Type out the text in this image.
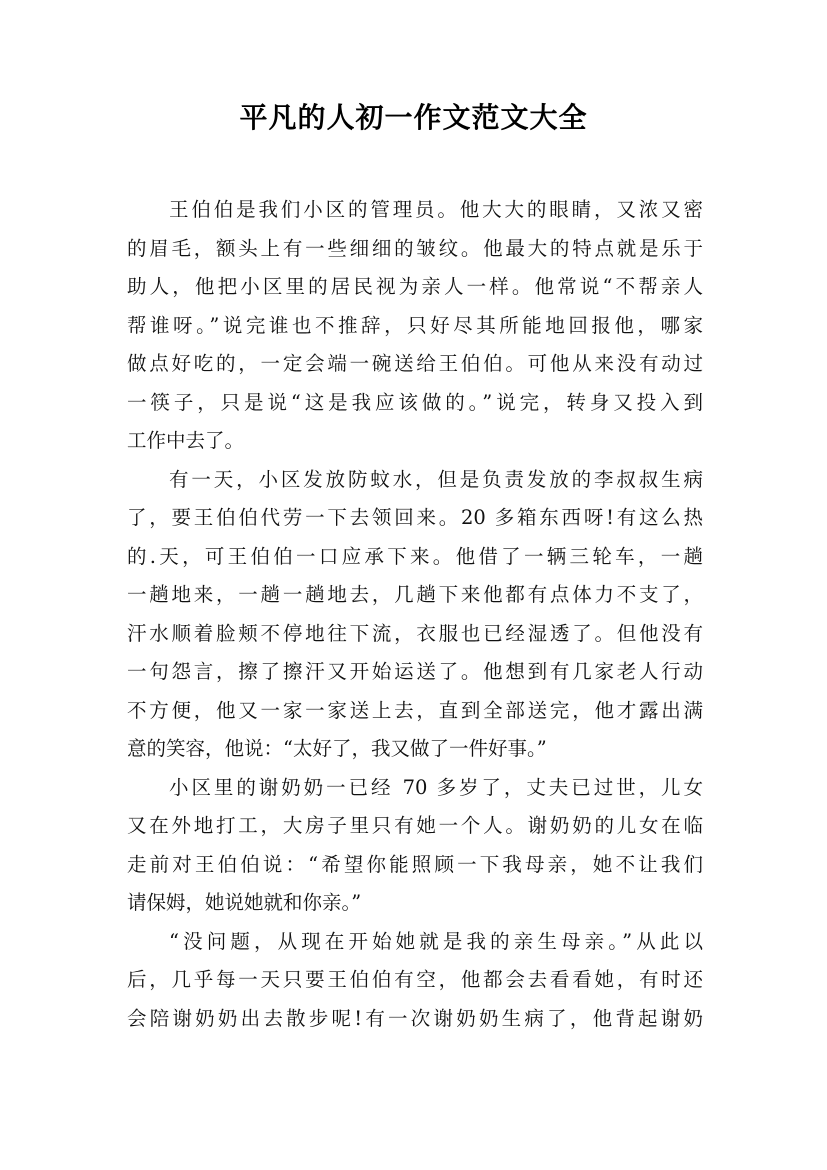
平凡的人初一作文范文大全
王伯伯是我们小区的管理员。他大大的眼睛，又浓又密
的眉毛，额头上有一些细细的皱纹。他最大的特点就是乐于
助人，他把小区里的居民视为亲人一样。他常说“不帮亲人
帮谁呀。”说完谁也不推辞，只好尽其所能地回报他，哪家
做点好吃的，一定会端一碗送给王伯伯。可他从来没有动过
一筷子，只是说“这是我应该做的。”说完，转身又投入到
工作中去了。
有一天，小区发放防蚊水，但是负责发放的李叔叔生病
了，要王伯伯代劳一下去领回来。20 多箱东西呀!有这么热
的.天，可王伯伯一口应承下来。他借了一辆三轮车，一趟
一趟地来，一趟一趟地去，几趟下来他都有点体力不支了，
汗水顺着脸颊不停地往下流，衣服也已经湿透了。但他没有
一句怨言，擦了擦汗又开始运送了。他想到有几家老人行动
不方便，他又一家一家送上去，直到全部送完，他才露出满
意的笑容，他说：“太好了，我又做了一件好事。”
小区里的谢奶奶一已经 70 多岁了，丈夫已过世，儿女
又在外地打工，大房子里只有她一个人。谢奶奶的儿女在临
走前对王伯伯说：“希望你能照顾一下我母亲，她不让我们
请保姆，她说她就和你亲。”
“没问题，从现在开始她就是我的亲生母亲。”从此以
后，几乎每一天只要王伯伯有空，他都会去看看她，有时还
会陪谢奶奶出去散步呢!有一次谢奶奶生病了，他背起谢奶
